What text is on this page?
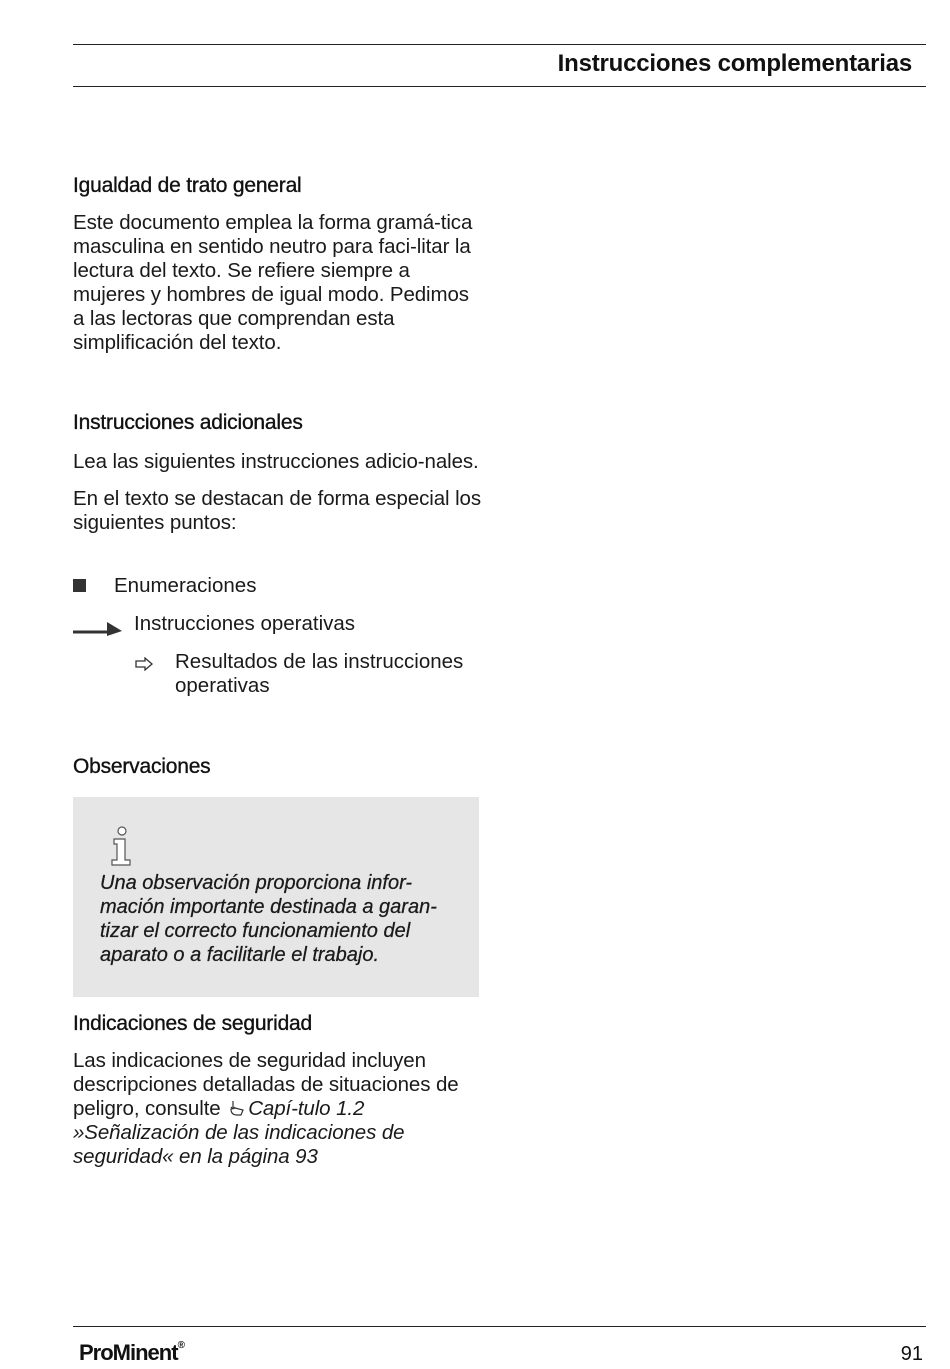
Instrucciones complementarias
Igualdad de trato general

Este documento emplea la forma gramá-tica masculina en sentido neutro para faci-litar la lectura del texto. Se refiere siempre a mujeres y hombres de igual modo. Pedimos a las lectoras que comprendan esta simplificación del texto.

Instrucciones adicionales

Lea las siguientes instrucciones adicio-nales.

En el texto se destacan de forma especial los siguientes puntos:

Enumeraciones
Instrucciones operativas
Resultados de las instrucciones operativas
Observaciones
Una observación proporciona infor-mación importante destinada a garan-tizar el correcto funcionamiento del aparato o a facilitarle el trabajo.
Indicaciones de seguridad

Las indicaciones de seguridad incluyen descripciones detalladas de situaciones de peligro, consulte Capí-tulo 1.2 »Señalización de las indicaciones de seguridad« en la página 93

ProMinent®	91
